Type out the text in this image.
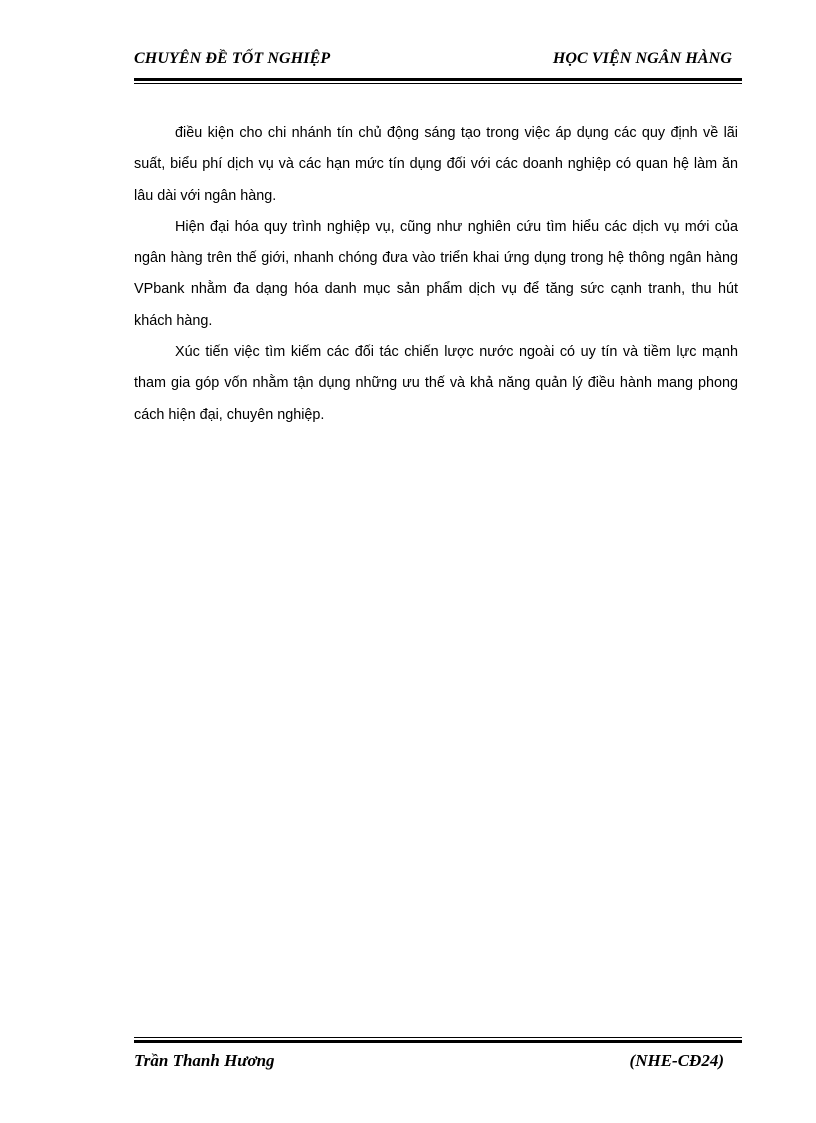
CHUYÊN ĐỀ TỐT NGHIỆP	HỌC VIỆN NGÂN HÀNG

điều kiện cho chi nhánh tín chủ động sáng tạo trong việc áp dụng các quy định về lãi suất, biểu phí dịch vụ và các hạn mức tín dụng đối với các doanh nghiệp có quan hệ làm ăn lâu dài với ngân hàng.

Hiện đại hóa quy trình nghiệp vụ, cũng như nghiên cứu tìm hiểu các dịch vụ mới của ngân hàng trên thế giới, nhanh chóng đưa vào triển khai ứng dụng trong hệ thông ngân hàng VPbank nhằm đa dạng hóa danh mục sản phẩm dịch vụ để tăng sức cạnh tranh, thu hút khách hàng.

Xúc tiến việc tìm kiếm các đối tác chiến lược nước ngoài có uy tín và tiềm lực mạnh tham gia góp vốn nhằm tận dụng những ưu thế và khả năng quản lý điều hành mang phong cách hiện đại, chuyên nghiệp.

Trần Thanh Hương	(NHE-CĐ24)
